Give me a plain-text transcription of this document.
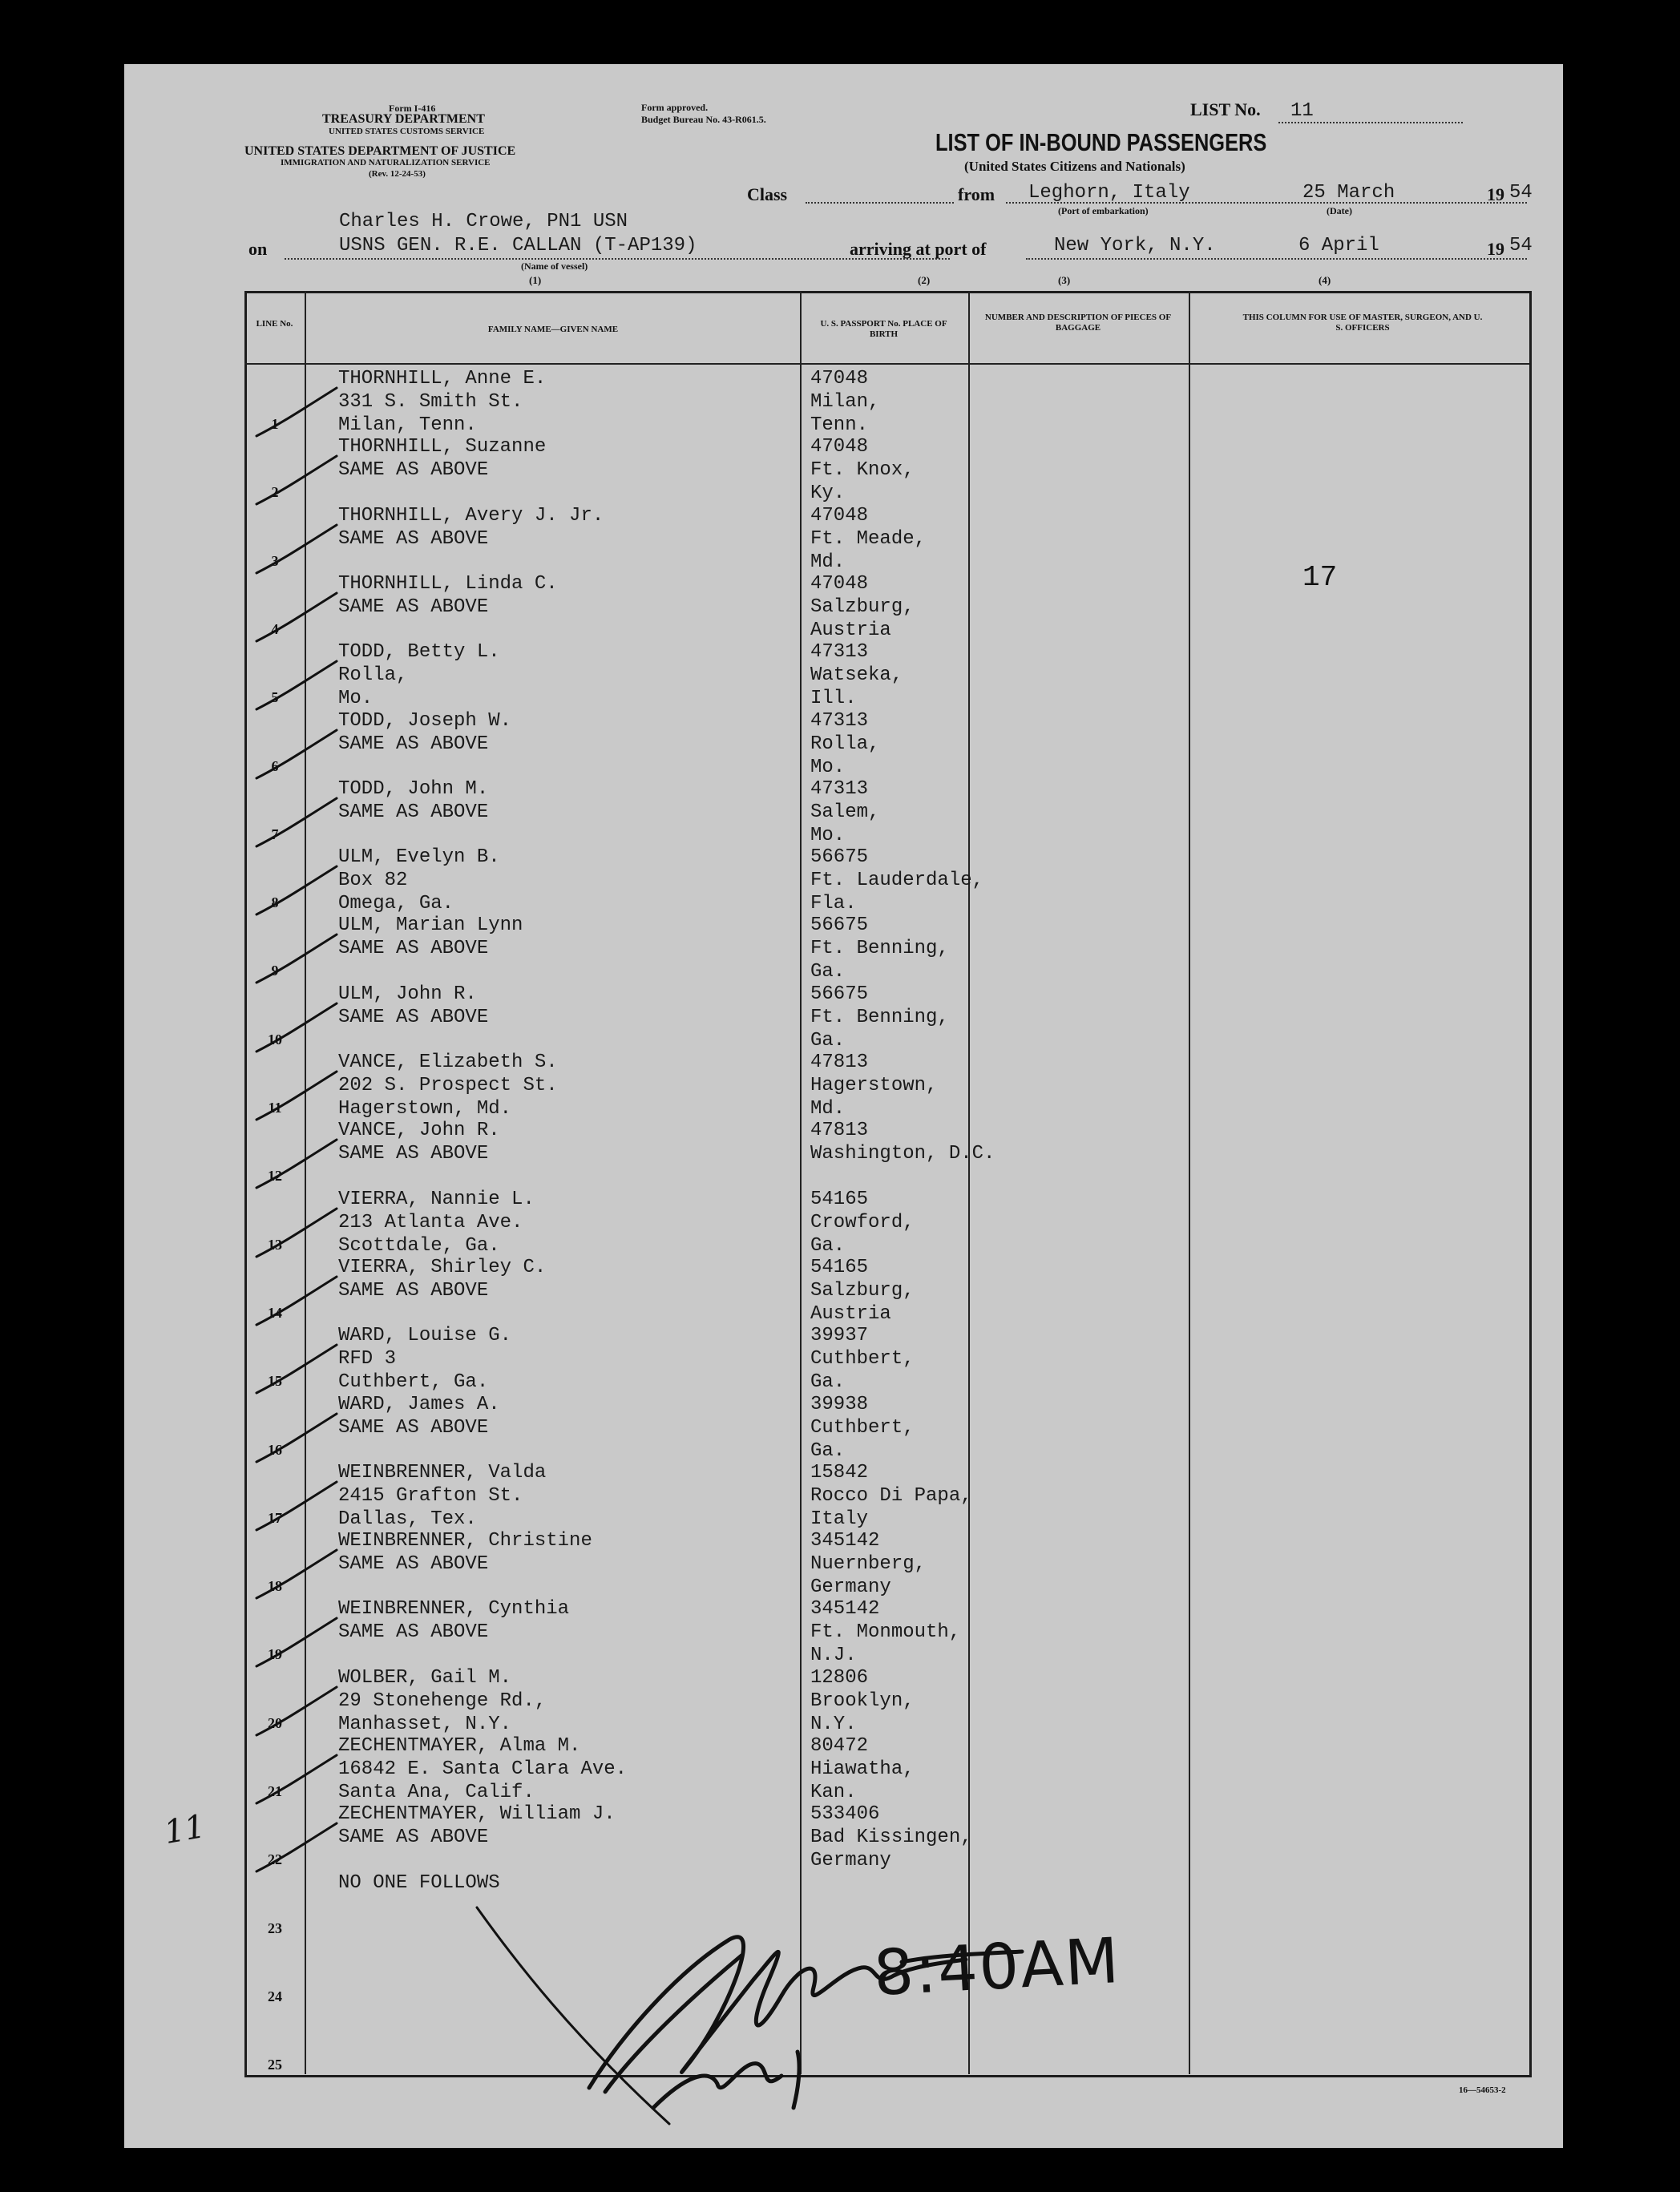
Form I-416
TREASURY DEPARTMENT
UNITED STATES CUSTOMS SERVICE
UNITED STATES DEPARTMENT OF JUSTICE
IMMIGRATION AND NATURALIZATION SERVICE
(Rev. 12-24-53)
Form approved.
Budget Bureau No. 43-R061.5.	LIST No. 11
LIST OF IN-BOUND PASSENGERS
(United States Citizens and Nationals)
Class	from Leghorn, Italy	25 March	19 54
(Port of embarkation)	(Date)
Charles H. Crowe, PN1 USN
on	USNS GEN. R.E. CALLAN (T-AP139)
(Name of vessel)
arriving at port of	New York, N.Y.	6 April	19 54
(1)	(2)	(3)	(4)
LINE No.
FAMILY NAME—GIVEN NAME
U. S. PASSPORT No. PLACE OF BIRTH
NUMBER AND DESCRIPTION OF PIECES OF BAGGAGE
THIS COLUMN FOR USE OF MASTER, SURGEON, AND U. S. OFFICERS
1
THORNHILL, Anne E.
331 S. Smith St.
Milan, Tenn.
47048
Milan,
Tenn.
2
THORNHILL, Suzanne
SAME AS ABOVE
47048
Ft. Knox,
Ky.
3
THORNHILL, Avery J. Jr.
SAME AS ABOVE
47048
Ft. Meade,
Md.
4
THORNHILL, Linda C.
SAME AS ABOVE
47048
Salzburg,
Austria
5
TODD, Betty L.
Rolla,
Mo.
47313
Watseka,
Ill.
6
TODD, Joseph W.
SAME AS ABOVE
47313
Rolla,
Mo.
7
TODD, John M.
SAME AS ABOVE
47313
Salem,
Mo.
8
ULM, Evelyn B.
Box 82
Omega, Ga.
56675
Ft. Lauderdale,
Fla.
9
ULM, Marian Lynn
SAME AS ABOVE
56675
Ft. Benning,
Ga.
10
ULM, John R.
SAME AS ABOVE
56675
Ft. Benning,
Ga.
11
VANCE, Elizabeth S.
202 S. Prospect St.
Hagerstown, Md.
47813
Hagerstown,
Md.
12
VANCE, John R.
SAME AS ABOVE
47813
Washington, D.C.
13
VIERRA, Nannie L.
213 Atlanta Ave.
Scottdale, Ga.
54165
Crowford,
Ga.
14
VIERRA, Shirley C.
SAME AS ABOVE
54165
Salzburg,
Austria
15
WARD, Louise G.
RFD 3
Cuthbert, Ga.
39937
Cuthbert,
Ga.
16
WARD, James A.
SAME AS ABOVE
39938
Cuthbert,
Ga.
17
WEINBRENNER, Valda
2415 Grafton St.
Dallas, Tex.
15842
Rocco Di Papa,
Italy
18
WEINBRENNER, Christine
SAME AS ABOVE
345142
Nuernberg,
Germany
19
WEINBRENNER, Cynthia
SAME AS ABOVE
345142
Ft. Monmouth,
N.J.
20
WOLBER, Gail M.
29 Stonehenge Rd.,
Manhasset, N.Y.
12806
Brooklyn,
N.Y.
21
ZECHENTMAYER, Alma M.
16842 E. Santa Clara Ave.
Santa Ana, Calif.
80472
Hiawatha,
Kan.
22
ZECHENTMAYER, William J.
SAME AS ABOVE
533406
Bad Kissingen,
Germany
23
NO ONE FOLLOWS
24
25
17
11
8:40AM
16—54653-2
